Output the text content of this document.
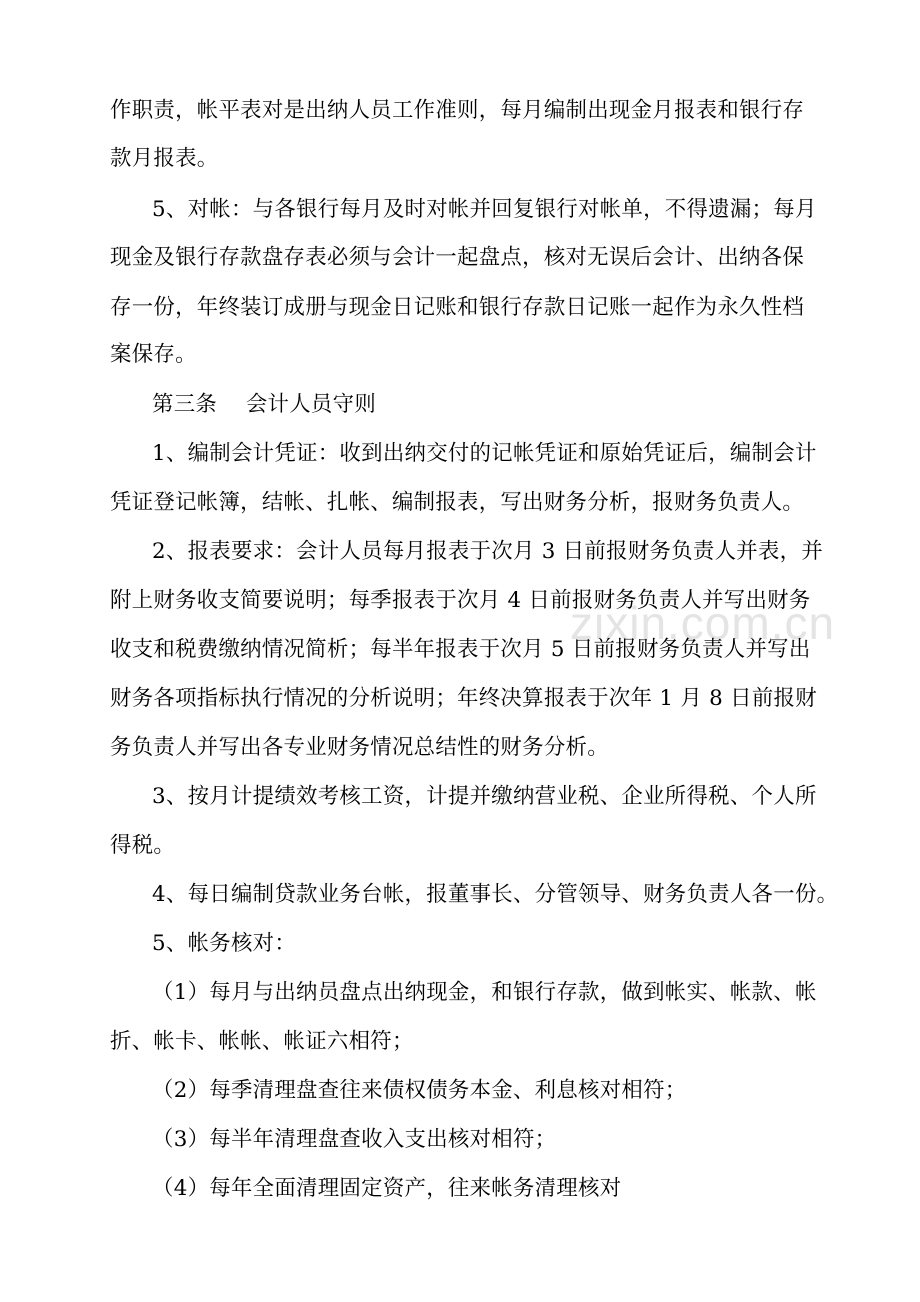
zixin.com.cn
作职责，帐平表对是出纳人员工作准则，每月编制出现金月报表和银行存
款月报表。
5、对帐：与各银行每月及时对帐并回复银行对帐单，不得遗漏；每月
现金及银行存款盘存表必须与会计一起盘点，核对无误后会计、出纳各保
存一份，年终装订成册与现金日记账和银行存款日记账一起作为永久性档
案保存。
第三条　 会计人员守则
1、编制会计凭证：收到出纳交付的记帐凭证和原始凭证后，编制会计
凭证登记帐簿，结帐、扎帐、编制报表，写出财务分析，报财务负责人。
2、报表要求：会计人员每月报表于次月 3 日前报财务负责人并表，并
附上财务收支简要说明；每季报表于次月 4 日前报财务负责人并写出财务
收支和税费缴纳情况简析；每半年报表于次月 5 日前报财务负责人并写出
财务各项指标执行情况的分析说明；年终决算报表于次年 1 月 8 日前报财
务负责人并写出各专业财务情况总结性的财务分析。
3、按月计提绩效考核工资，计提并缴纳营业税、企业所得税、个人所
得税。
4、每日编制贷款业务台帐，报董事长、分管领导、财务负责人各一份。
5、帐务核对：
（1）每月与出纳员盘点出纳现金，和银行存款，做到帐实、帐款、帐
折、帐卡、帐帐、帐证六相符；
（2）每季清理盘查往来债权债务本金、利息核对相符；
（3）每半年清理盘查收入支出核对相符；
（4）每年全面清理固定资产，往来帐务清理核对
